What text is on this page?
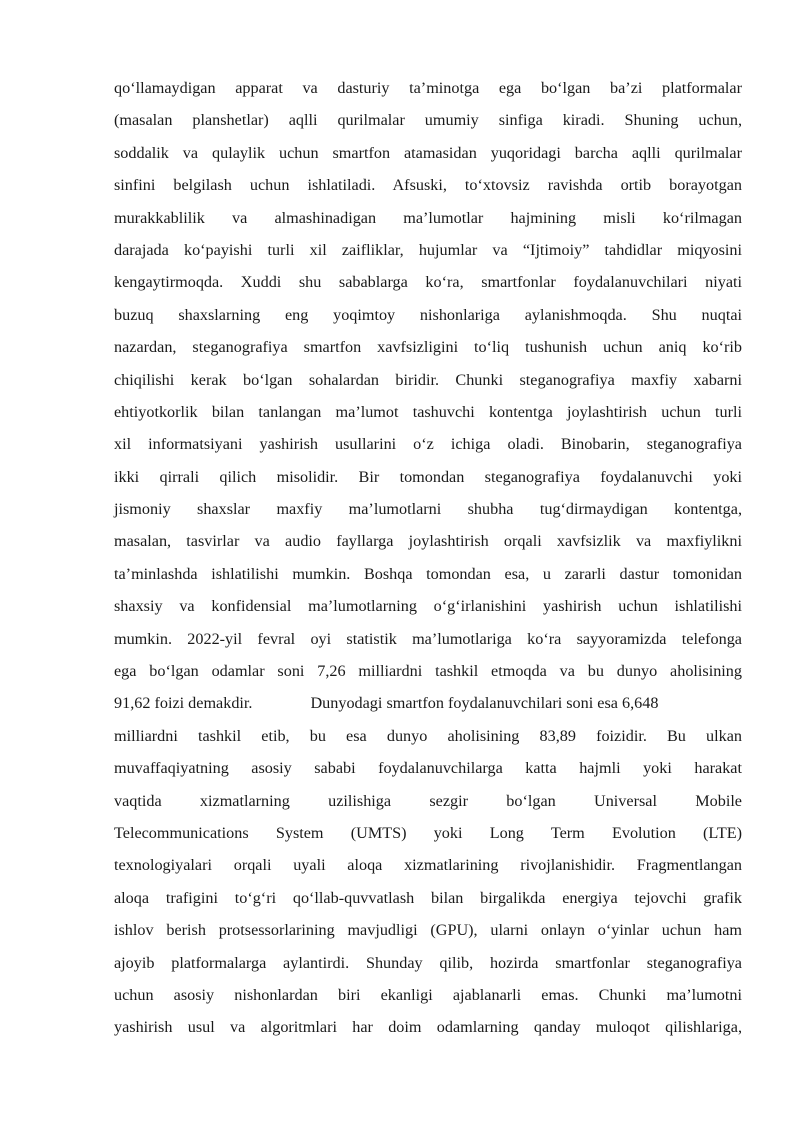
qo‘llamaydigan apparat va dasturiy ta’minotga ega bo‘lgan ba’zi platformalar
(masalan planshetlar) aqlli qurilmalar umumiy sinfiga kiradi. Shuning uchun,
soddalik va qulaylik uchun smartfon atamasidan yuqoridagi barcha aqlli qurilmalar
sinfini belgilash uchun ishlatiladi. Afsuski, to‘xtovsiz ravishda ortib borayotgan
murakkablilik va almashinadigan ma’lumotlar hajmining misli ko‘rilmagan
darajada ko‘payishi turli xil zaifliklar, hujumlar va “Ijtimoiy” tahdidlar miqyosini
kengaytirmoqda. Xuddi shu sabablarga ko‘ra, smartfonlar foydalanuvchilari niyati
buzuq shaxslarning eng yoqimtoy nishonlariga aylanishmoqda. Shu nuqtai
nazardan, steganografiya smartfon xavfsizligini to‘liq tushunish uchun aniq ko‘rib
chiqilishi kerak bo‘lgan sohalardan biridir. Chunki steganografiya maxfiy xabarni
ehtiyotkorlik bilan tanlangan ma’lumot tashuvchi kontentga joylashtirish uchun turli
xil informatsiyani yashirish usullarini o‘z ichiga oladi. Binobarin, steganografiya
ikki qirrali qilich misolidir. Bir tomondan steganografiya foydalanuvchi yoki
jismoniy shaxslar maxfiy ma’lumotlarni shubha tug‘dirmaydigan kontentga,
masalan, tasvirlar va audio fayllarga joylashtirish orqali xavfsizlik va maxfiylikni
ta’minlashda ishlatilishi mumkin. Boshqa tomondan esa, u zararli dastur tomonidan
shaxsiy va konfidensial ma’lumotlarning o‘g‘irlanishini yashirish uchun ishlatilishi
mumkin. 2022-yil fevral oyi statistik ma’lumotlariga ko‘ra sayyoramizda telefonga
ega bo‘lgan odamlar soni 7,26 milliardni tashkil etmoqda va bu dunyo aholisining
91,62 foizi demakdir.	Dunyodagi smartfon foydalanuvchilari soni esa 6,648
milliardni tashkil etib, bu esa dunyo aholisining 83,89 foizidir. Bu ulkan
muvaffaqiyatning asosiy sababi foydalanuvchilarga katta hajmli yoki harakat
vaqtida xizmatlarning uzilishiga sezgir bo‘lgan Universal Mobile
Telecommunications System (UMTS) yoki Long Term Evolution (LTE)
texnologiyalari orqali uyali aloqa xizmatlarining rivojlanishidir. Fragmentlangan
aloqa trafigini to‘g‘ri qo‘llab-quvvatlash bilan birgalikda energiya tejovchi grafik
ishlov berish protsessorlarining mavjudligi (GPU), ularni onlayn o‘yinlar uchun ham
ajoyib platformalarga aylantirdi. Shunday qilib, hozirda smartfonlar steganografiya
uchun asosiy nishonlardan biri ekanligi ajablanarli emas. Chunki ma’lumotni
yashirish usul va algoritmlari har doim odamlarning qanday muloqot qilishlariga,
